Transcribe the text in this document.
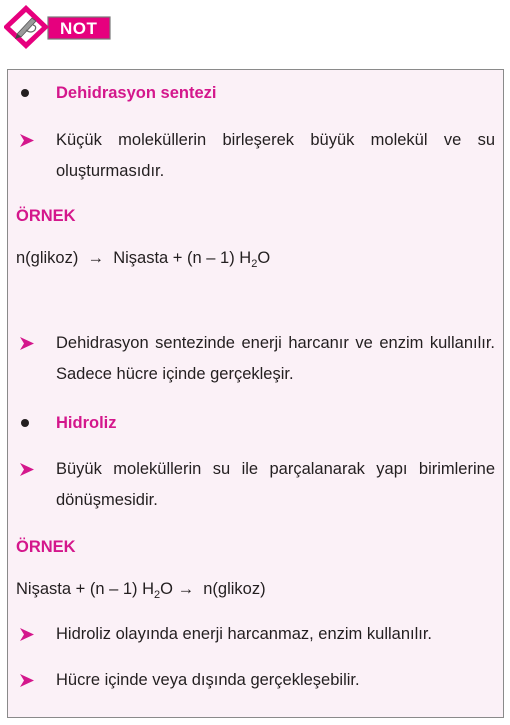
NOT
Dehidrasyon sentezi
Küçük moleküllerin birleşerek büyük molekül ve su oluşturmasıdır.
ÖRNEK
n(glikoz) → Nişasta + (n – 1) $H_2O$
Dehidrasyon sentezinde enerji harcanır ve enzim kullanılır. Sadece hücre içinde gerçekleşir.
Hidroliz
Büyük moleküllerin su ile parçalanarak yapı birimlerine dönüşmesidir.
ÖRNEK
Nişasta + (n – 1) $H_2O$ → n(glikoz)
Hidroliz olayında enerji harcanmaz, enzim kullanılır.
Hücre içinde veya dışında gerçekleşebilir.
